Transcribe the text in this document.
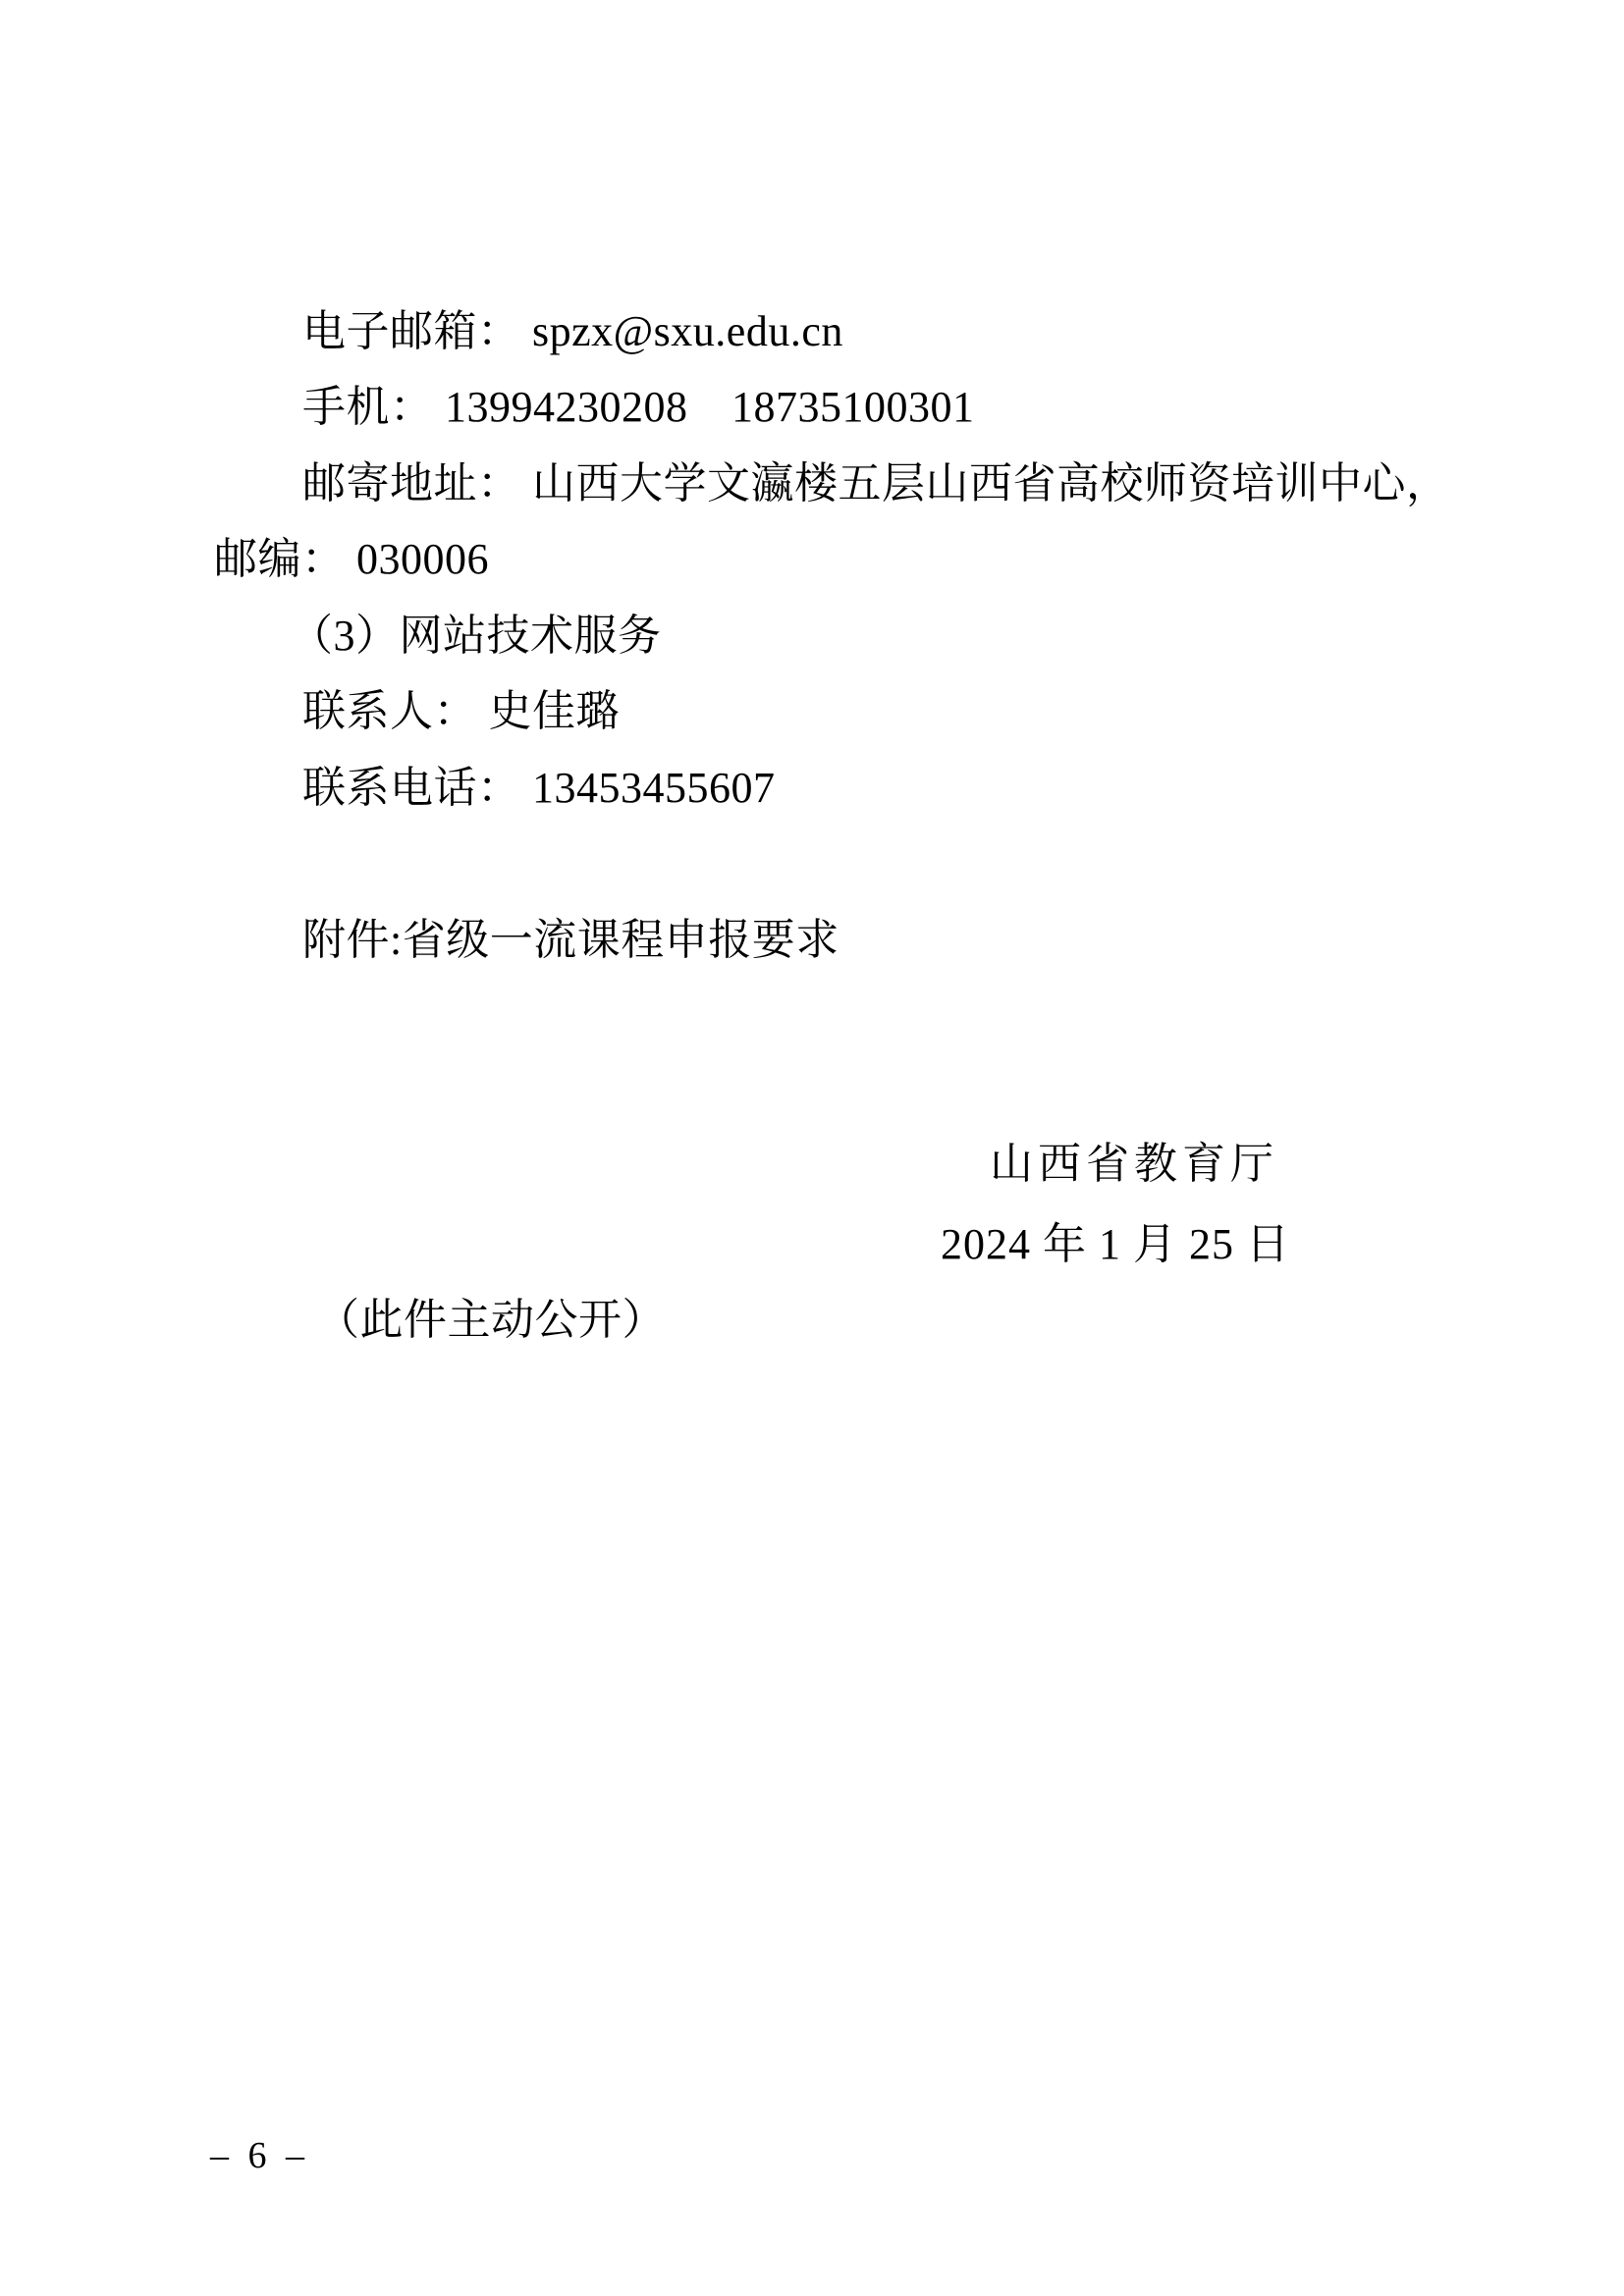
电子邮箱： spzx@sxu.edu.cn
手机： 13994230208　18735100301
邮寄地址： 山西大学文瀛楼五层山西省高校师资培训中心，
邮编： 030006
（3）网站技术服务
联系人： 史佳璐
联系电话： 13453455607
附件:省级一流课程申报要求
山西省教育厅
2024 年 1 月 25 日
（此件主动公开）
– 6 –
